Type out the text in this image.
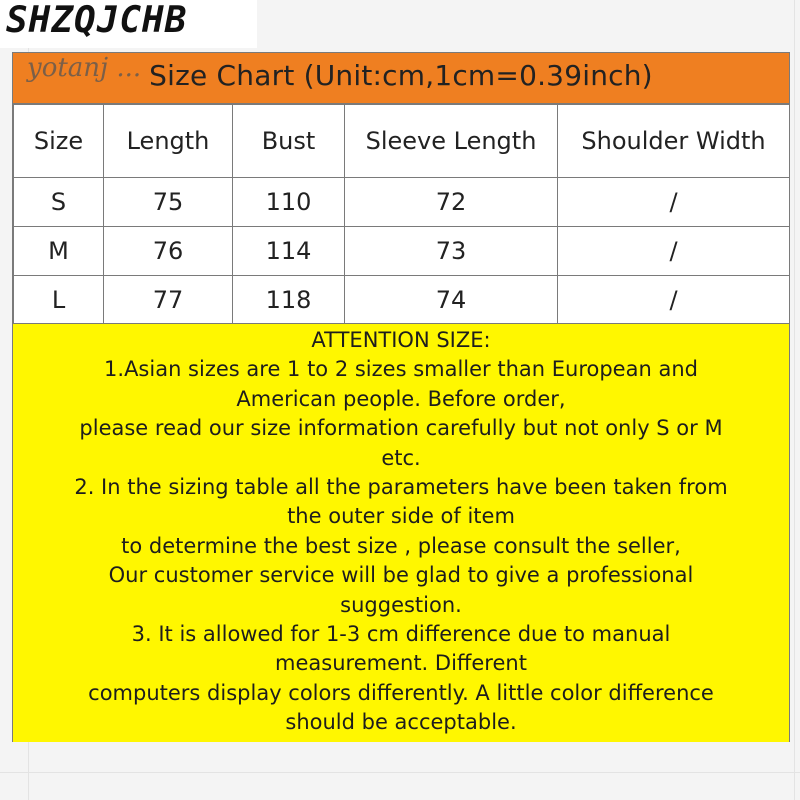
SHZQJCHB
yotanj ... Size Chart (Unit:cm,1cm=0.39inch)
Size	Length	Bust	Sleeve Length	Shoulder Width
S	75	110	72	/
M	76	114	73	/
L	77	118	74	/
ATTENTION SIZE:
1.Asian sizes are 1 to 2 sizes smaller than European and
American people. Before order,
please read our size information carefully but not only S or M
etc.
2. In the sizing table all the parameters have been taken from
the outer side of item
to determine the best size , please consult the seller,
Our customer service will be glad to give a professional
suggestion.
3. It is allowed for 1-3 cm difference due to manual
measurement. Different
computers display colors differently. A little color difference
should be acceptable.
